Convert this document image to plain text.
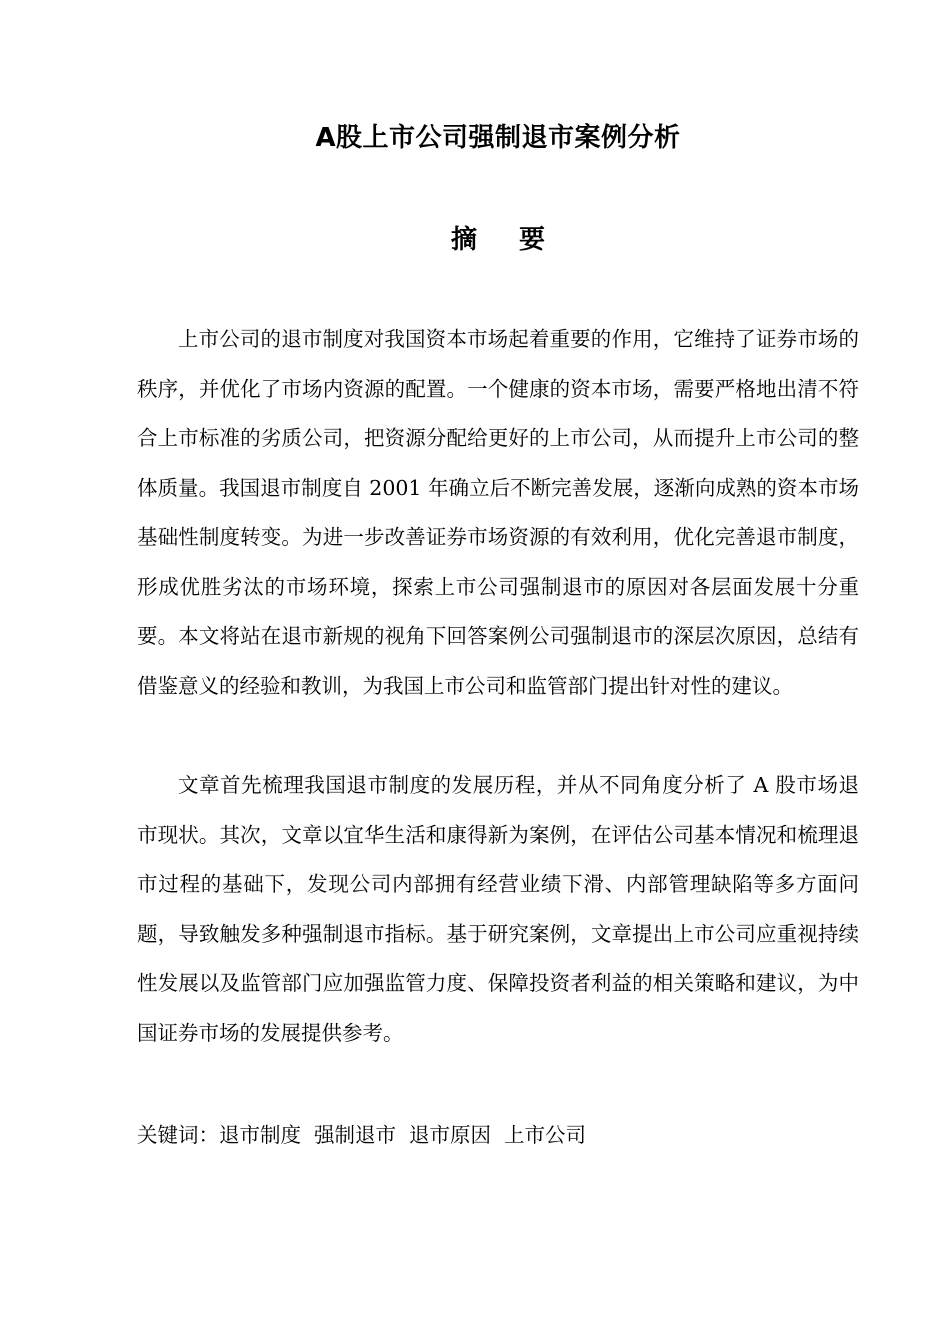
A股上市公司强制退市案例分析
摘要

上市公司的退市制度对我国资本市场起着重要的作用，它维持了证券市场的秩序，并优化了市场内资源的配置。一个健康的资本市场，需要严格地出清不符合上市标准的劣质公司，把资源分配给更好的上市公司，从而提升上市公司的整体质量。我国退市制度自 2001 年确立后不断完善发展，逐渐向成熟的资本市场基础性制度转变。为进一步改善证券市场资源的有效利用，优化完善退市制度，形成优胜劣汰的市场环境，探索上市公司强制退市的原因对各层面发展十分重要。本文将站在退市新规的视角下回答案例公司强制退市的深层次原因，总结有借鉴意义的经验和教训，为我国上市公司和监管部门提出针对性的建议。

文章首先梳理我国退市制度的发展历程，并从不同角度分析了 A 股市场退市现状。其次，文章以宜华生活和康得新为案例，在评估公司基本情况和梳理退市过程的基础下，发现公司内部拥有经营业绩下滑、内部管理缺陷等多方面问题，导致触发多种强制退市指标。基于研究案例，文章提出上市公司应重视持续性发展以及监管部门应加强监管力度、保障投资者利益的相关策略和建议，为中国证券市场的发展提供参考。

关键词：退市制度 强制退市 退市原因 上市公司
